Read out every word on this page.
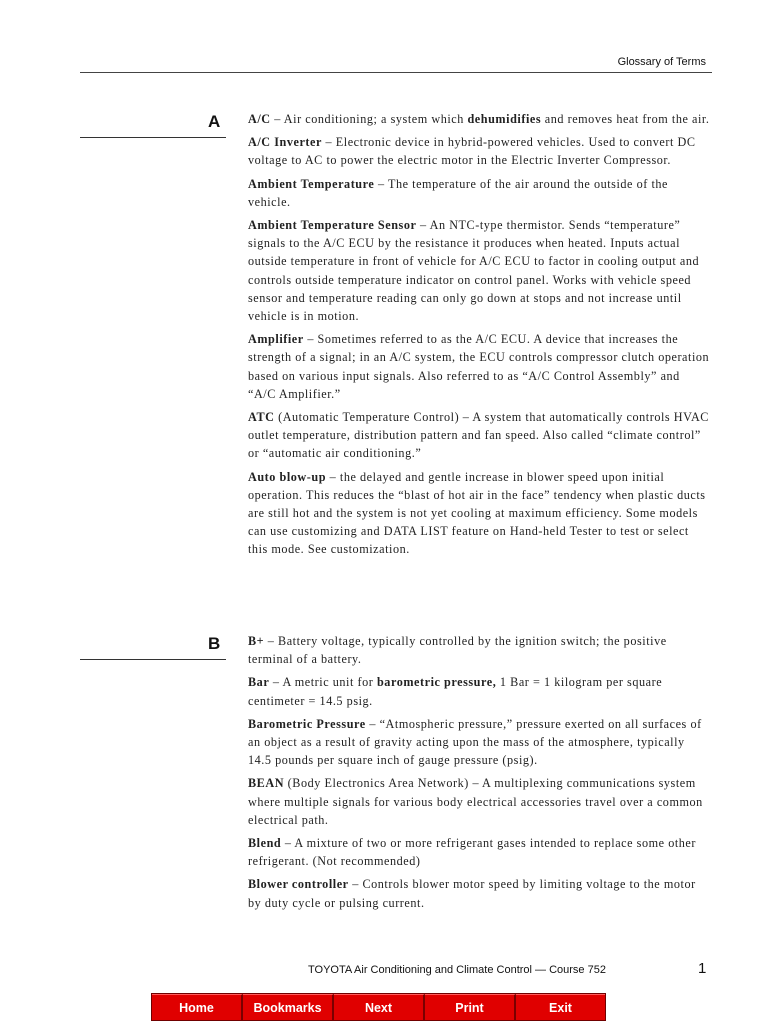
Glossary of Terms
A A/C – Air conditioning; a system which dehumidifies and removes heat from the air.

A/C Inverter – Electronic device in hybrid-powered vehicles. Used to convert DC voltage to AC to power the electric motor in the Electric Inverter Compressor.

Ambient Temperature – The temperature of the air around the outside of the vehicle.

Ambient Temperature Sensor – An NTC-type thermistor. Sends “temperature” signals to the A/C ECU by the resistance it produces when heated. Inputs actual outside temperature in front of vehicle for A/C ECU to factor in cooling output and controls outside temperature indicator on control panel. Works with vehicle speed sensor and temperature reading can only go down at stops and not increase until vehicle is in motion.

Amplifier – Sometimes referred to as the A/C ECU. A device that increases the strength of a signal; in an A/C system, the ECU controls compressor clutch operation based on various input signals. Also referred to as “A/C Control Assembly” and “A/C Amplifier.”

ATC (Automatic Temperature Control) – A system that automatically controls HVAC outlet temperature, distribution pattern and fan speed. Also called “climate control” or “automatic air conditioning.”

Auto blow-up – the delayed and gentle increase in blower speed upon initial operation. This reduces the “blast of hot air in the face” tendency when plastic ducts are still hot and the system is not yet cooling at maximum efficiency. Some models can use customizing and DATA LIST feature on Hand-held Tester to test or select this mode. See customization.

B B+ – Battery voltage, typically controlled by the ignition switch; the positive terminal of a battery.

Bar – A metric unit for barometric pressure, 1 Bar = 1 kilogram per square centimeter = 14.5 psig.

Barometric Pressure – “Atmospheric pressure,” pressure exerted on all surfaces of an object as a result of gravity acting upon the mass of the atmosphere, typically 14.5 pounds per square inch of gauge pressure (psig).

BEAN (Body Electronics Area Network) – A multiplexing communications system where multiple signals for various body electrical accessories travel over a common electrical path.

Blend – A mixture of two or more refrigerant gases intended to replace some other refrigerant. (Not recommended)

Blower controller – Controls blower motor speed by limiting voltage to the motor by duty cycle or pulsing current.

TOYOTA Air Conditioning and Climate Control — Course 752	1
Home	Bookmarks	Next	Print	Exit
